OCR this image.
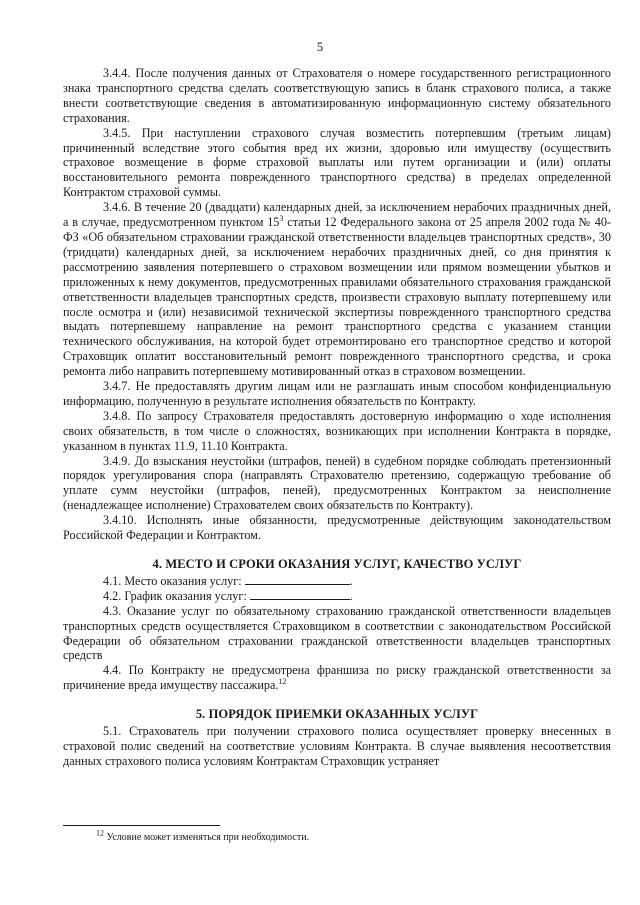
5

3.4.4. После получения данных от Страхователя о номере государственного регистрационного знака транспортного средства сделать соответствующую запись в бланк страхового полиса, а также внести соответствующие сведения в автоматизированную информационную систему обязательного страхования.

3.4.5. При наступлении страхового случая возместить потерпевшим (третьим лицам) причиненный вследствие этого события вред их жизни, здоровью или имуществу (осуществить страховое возмещение в форме страховой выплаты или путем организации и (или) оплаты восстановительного ремонта поврежденного транспортного средства) в пределах определенной Контрактом страховой суммы.

3.4.6. В течение 20 (двадцати) календарных дней, за исключением нерабочих праздничных дней, а в случае, предусмотренном пунктом $15^3$ статьи 12 Федерального закона от 25 апреля 2002 года № 40-ФЗ «Об обязательном страховании гражданской ответственности владельцев транспортных средств», 30 (тридцати) календарных дней, за исключением нерабочих праздничных дней, со дня принятия к рассмотрению заявления потерпевшего о страховом возмещении или прямом возмещении убытков и приложенных к нему документов, предусмотренных правилами обязательного страхования гражданской ответственности владельцев транспортных средств, произвести страховую выплату потерпевшему или после осмотра и (или) независимой технической экспертизы поврежденного транспортного средства выдать потерпевшему направление на ремонт транспортного средства с указанием станции технического обслуживания, на которой будет отремонтировано его транспортное средство и которой Страховщик оплатит восстановительный ремонт поврежденного транспортного средства, и срока ремонта либо направить потерпевшему мотивированный отказ в страховом возмещении.

3.4.7. Не предоставлять другим лицам или не разглашать иным способом конфиденциальную информацию, полученную в результате исполнения обязательств по Контракту.

3.4.8. По запросу Страхователя предоставлять достоверную информацию о ходе исполнения своих обязательств, в том числе о сложностях, возникающих при исполнении Контракта в порядке, указанном в пунктах 11.9, 11.10 Контракта.

3.4.9. До взыскания неустойки (штрафов, пеней) в судебном порядке соблюдать претензионный порядок урегулирования спора (направлять Страхователю претензию, содержащую требование об уплате сумм неустойки (штрафов, пеней), предусмотренных Контрактом за неисполнение (ненадлежащее исполнение) Страхователем своих обязательств по Контракту).

3.4.10. Исполнять иные обязанности, предусмотренные действующим законодательством Российской Федерации и Контрактом.

4. МЕСТО И СРОКИ ОКАЗАНИЯ УСЛУГ, КАЧЕСТВО УСЛУГ

4.1. Место оказания услуг:	.

4.2. График оказания услуг:	.

4.3. Оказание услуг по обязательному страхованию гражданской ответственности владельцев транспортных средств осуществляется Страховщиком в соответствии с законодательством Российской Федерации об обязательном страховании гражданской ответственности владельцев транспортных средств

4.4. По Контракту не предусмотрена франшиза по риску гражданской ответственности за причинение вреда имуществу пассажира.$^{12}$

5. ПОРЯДОК ПРИЕМКИ ОКАЗАННЫХ УСЛУГ

5.1. Страхователь при получении страхового полиса осуществляет проверку внесенных в страховой полис сведений на соответствие условиям Контракта. В случае выявления несоответствия данных страхового полиса условиям Контрактам Страховщик устраняет

$^{12}$ Условие может изменяться при необходимости.
